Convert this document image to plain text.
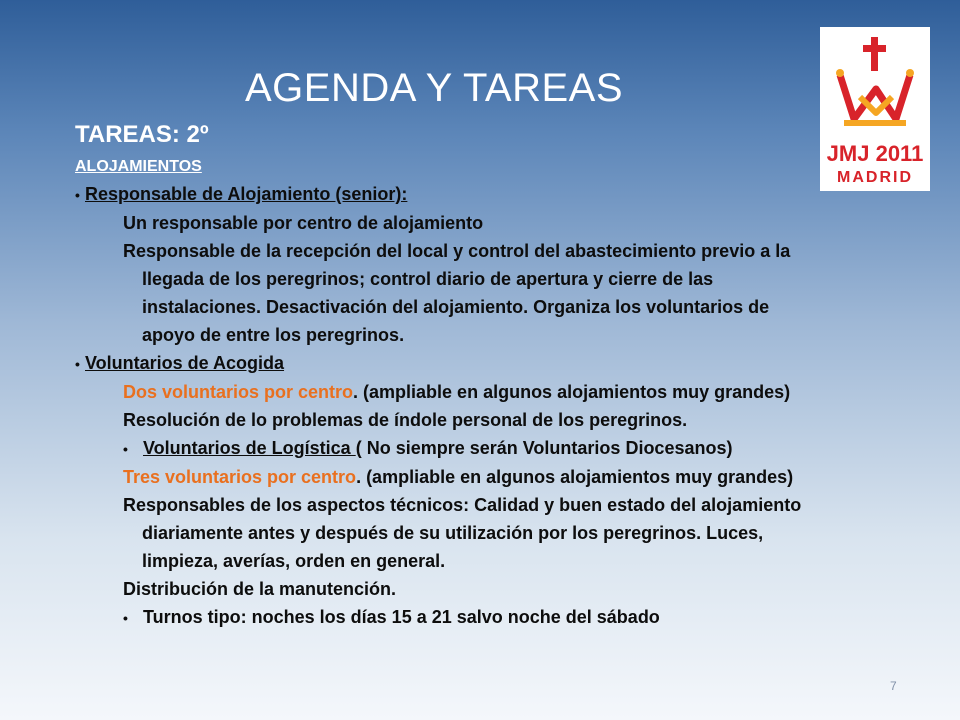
AGENDA Y TAREAS
JMJ 2011
MADRID
TAREAS: 2º
ALOJAMIENTOS
• Responsable de Alojamiento (senior):
Un responsable por centro de alojamiento
Responsable de la recepción del local y control del abastecimiento previo a la
llegada de los peregrinos; control diario de apertura y cierre de las
instalaciones. Desactivación del alojamiento. Organiza los voluntarios de
apoyo de entre los peregrinos.
• Voluntarios de Acogida
Dos voluntarios por centro. (ampliable en algunos alojamientos muy grandes)
Resolución de lo problemas de índole personal de los peregrinos.
• Voluntarios de Logística ( No siempre serán Voluntarios Diocesanos)
Tres voluntarios por centro. (ampliable en algunos alojamientos muy grandes)
Responsables de los aspectos técnicos: Calidad y buen estado del alojamiento
diariamente antes y después de su utilización por los peregrinos. Luces,
limpieza, averías, orden en general.
Distribución de la manutención.
• Turnos tipo: noches los días 15 a 21 salvo noche del sábado
7
